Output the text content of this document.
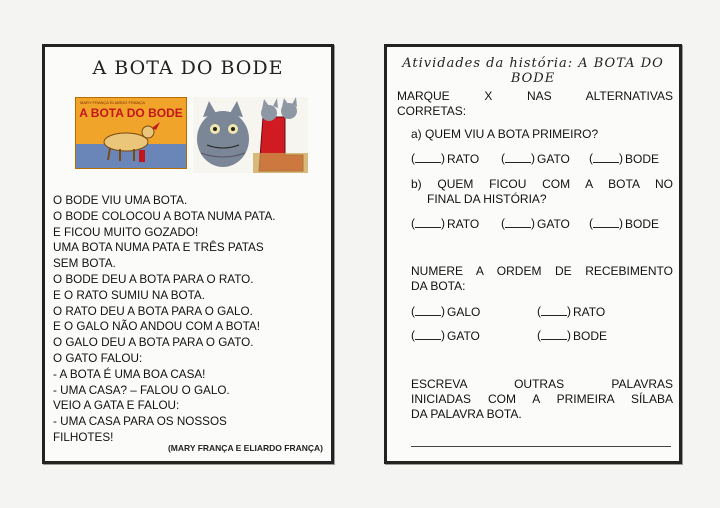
A BOTA DO BODE
MARY FRANÇA ELIARDO FRANÇA
A BOTA DO BODE
O BODE VIU UMA BOTA.
O BODE COLOCOU A BOTA NUMA PATA.
E FICOU MUITO GOZADO!
UMA BOTA NUMA PATA E TRÊS PATAS
SEM BOTA.
O BODE DEU A BOTA PARA O RATO.
E O RATO SUMIU NA BOTA.
O RATO DEU A BOTA PARA O GALO.
E O GALO NÃO ANDOU COM A BOTA!
O GALO DEU A BOTA PARA O GATO.
O GATO FALOU:
- A BOTA É UMA BOA CASA!
- UMA CASA? – FALOU O GALO.
VEIO A GATA E FALOU:
- UMA CASA PARA OS NOSSOS
FILHOTES!
(MARY FRANÇA E ELIARDO FRANÇA)
Atividades da história: A BOTA DO BODE
MARQUE X NAS ALTERNATIVAS
CORRETAS:
a) QUEM VIU A BOTA PRIMEIRO?
( )RATO ( )	GATO ( )	BODE
b) QUEM FICOU COM A BOTA NO
FINAL DA HISTÓRIA?
( )RATO ( )	GATO ( )	BODE
NUMERE A ORDEM DE RECEBIMENTO
DA BOTA:
( )GALO ( )	RATO
( )GATO ( )	BODE
ESCREVA OUTRAS PALAVRAS
INICIADAS COM A PRIMEIRA SÍLABA
DA PALAVRA BOTA.
